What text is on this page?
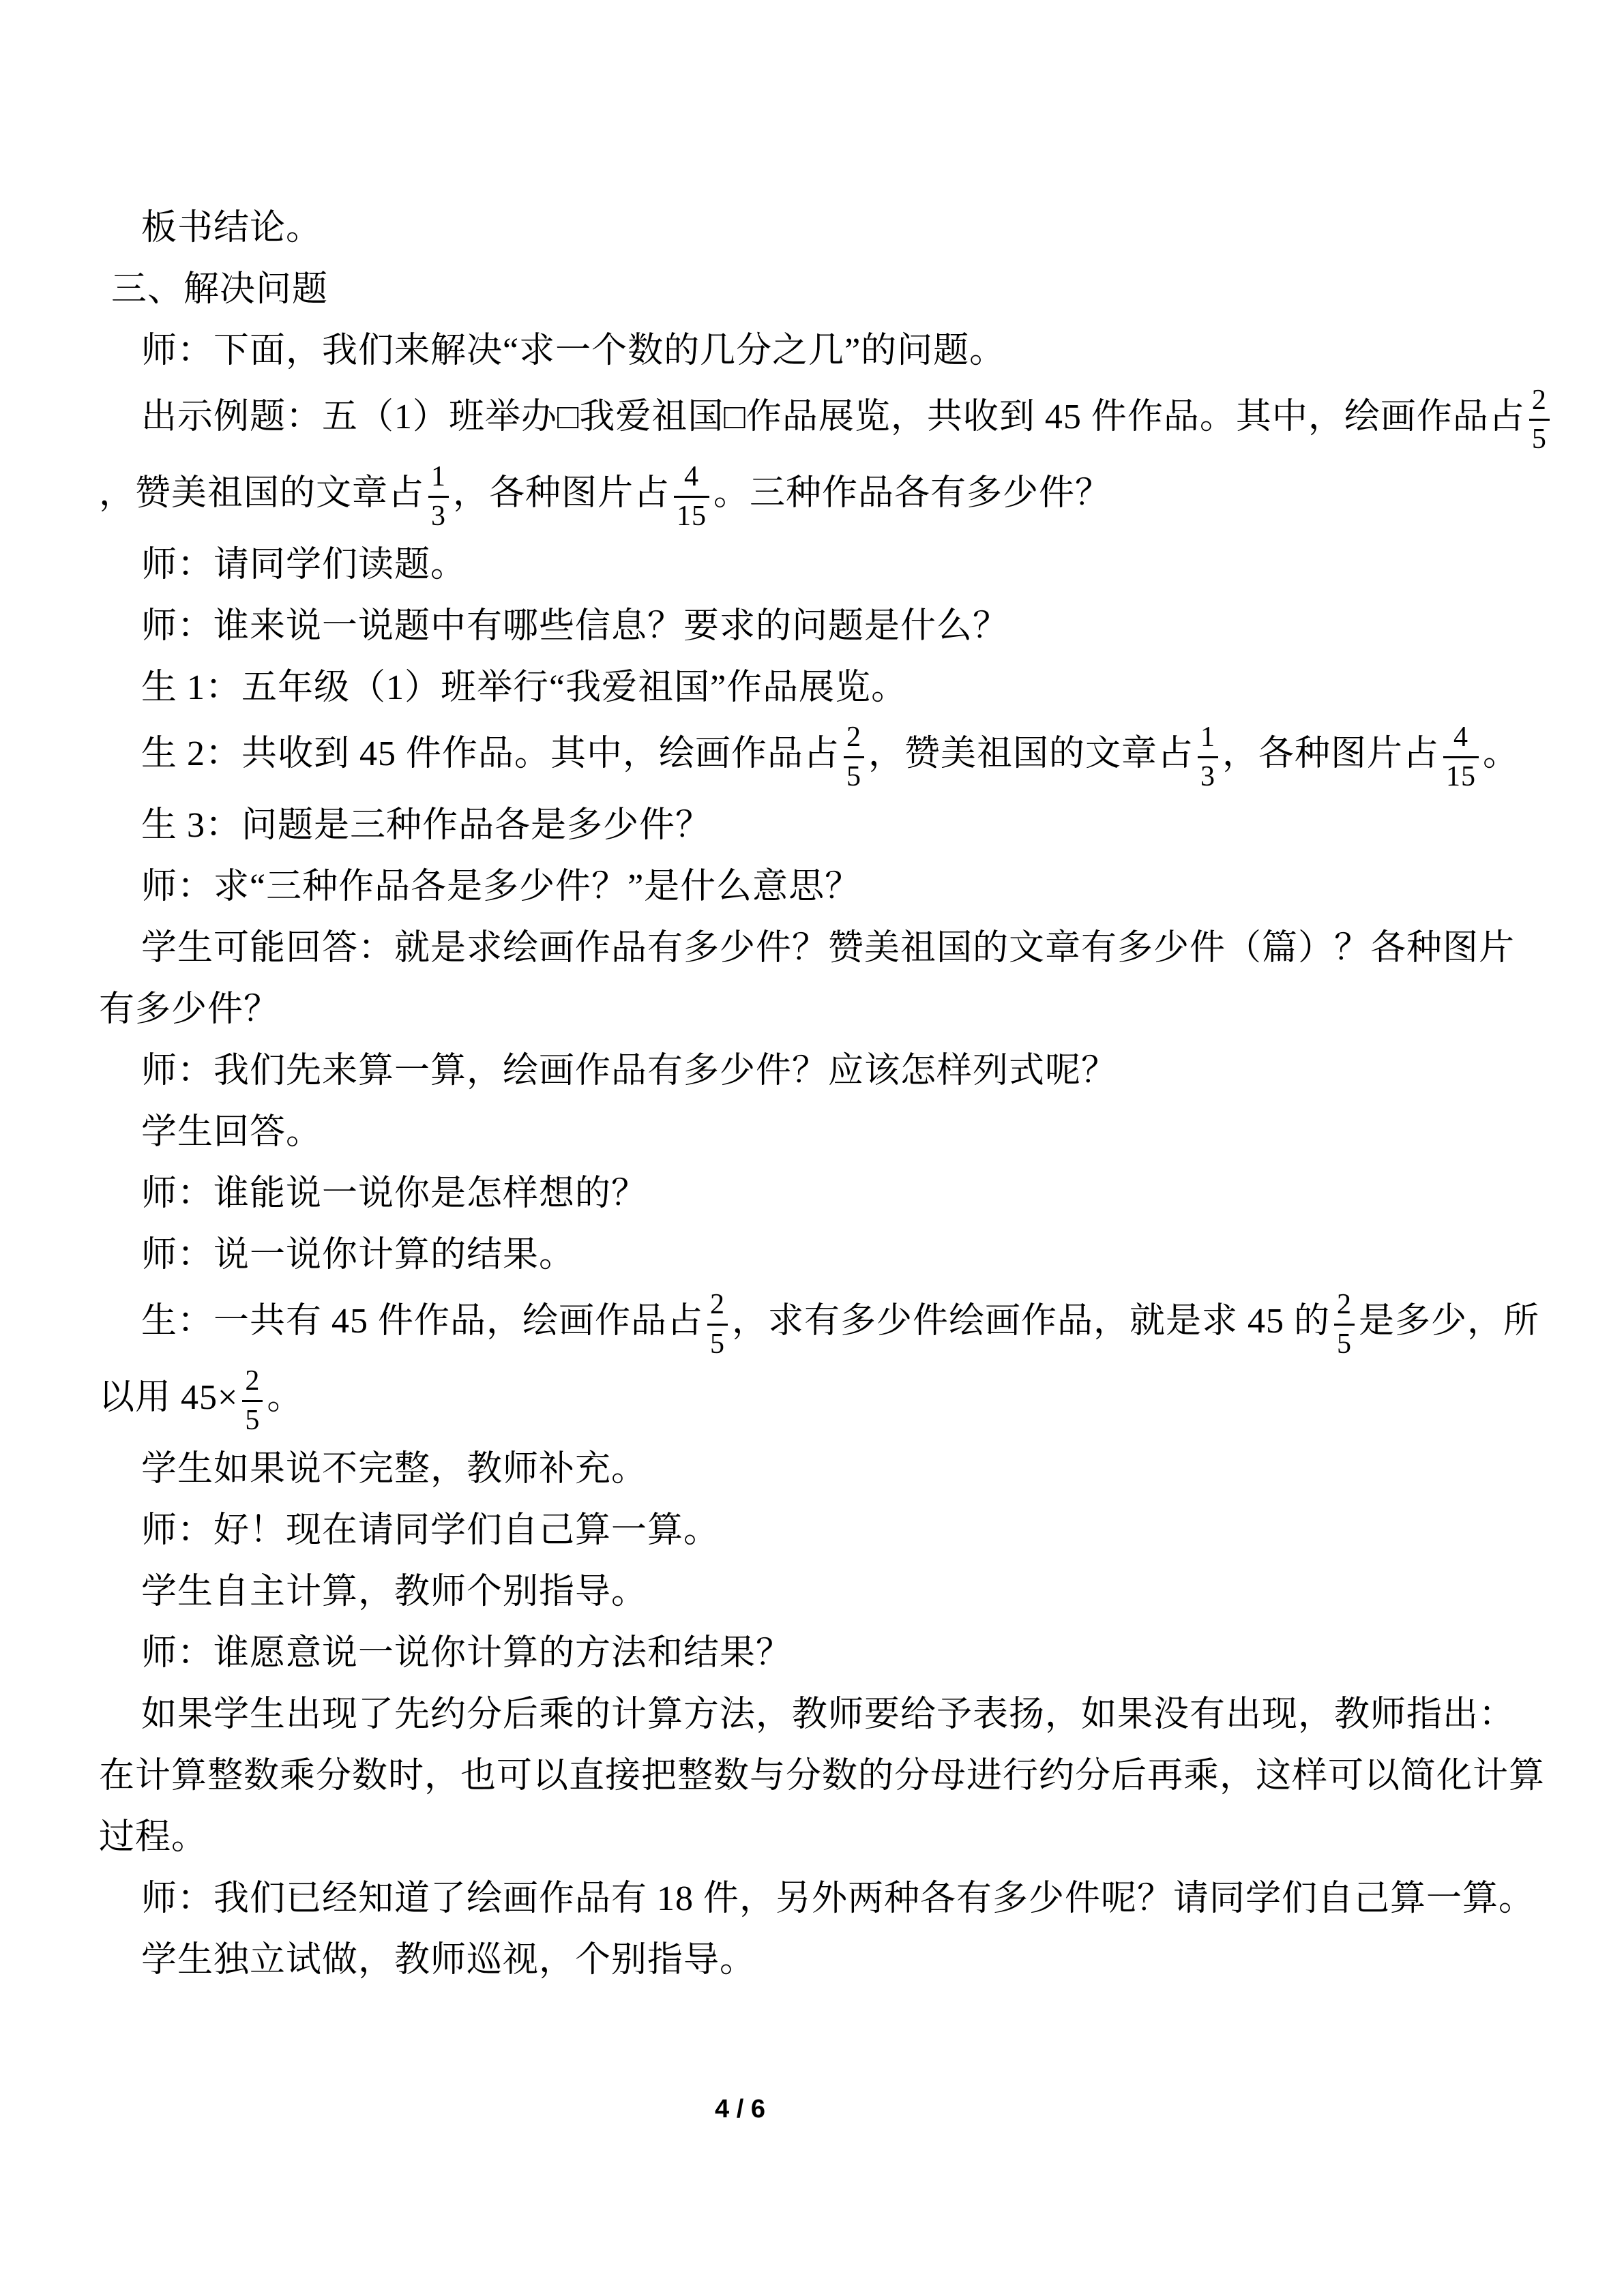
板书结论。

三、解决问题

师：下面，我们来解决“求一个数的几分之几”的问题。

出示例题：五（1）班举办□我爱祖国□作品展览，共收到 45 件作品。其中，绘画作品占 $\frac{2}{5}$

，赞美祖国的文章占 $\frac{1}{3}$ ，各种图片占 $\frac{4}{15}$ 。三种作品各有多少件？

师：请同学们读题。

师：谁来说一说题中有哪些信息？要求的问题是什么？

生 1：五年级（1）班举行“我爱祖国”作品展览。

生 2：共收到 45 件作品。其中，绘画作品占 $\frac{2}{5}$ ，赞美祖国的文章占 $\frac{1}{3}$ ，各种图片占 $\frac{4}{15}$ 。

生 3：问题是三种作品各是多少件？

师：求“三种作品各是多少件？”是什么意思？

学生可能回答：就是求绘画作品有多少件？赞美祖国的文章有多少件（篇）？各种图片
有多少件？

师：我们先来算一算，绘画作品有多少件？应该怎样列式呢？

学生回答。

师：谁能说一说你是怎样想的？

师：说一说你计算的结果。

生：一共有 45 件作品，绘画作品占 $\frac{2}{5}$ ，求有多少件绘画作品，就是求 45 的 $\frac{2}{5}$ 是多少，所
以用 $45\times \frac{2}{5}$ 。

学生如果说不完整，教师补充。

师：好！现在请同学们自己算一算。

学生自主计算，教师个别指导。

师：谁愿意说一说你计算的方法和结果？

如果学生出现了先约分后乘的计算方法，教师要给予表扬，如果没有出现，教师指出：
在计算整数乘分数时，也可以直接把整数与分数的分母进行约分后再乘，这样可以简化计算
过程。

师：我们已经知道了绘画作品有 18 件，另外两种各有多少件呢？请同学们自己算一算。

学生独立试做，教师巡视，个别指导。

4 / 6
